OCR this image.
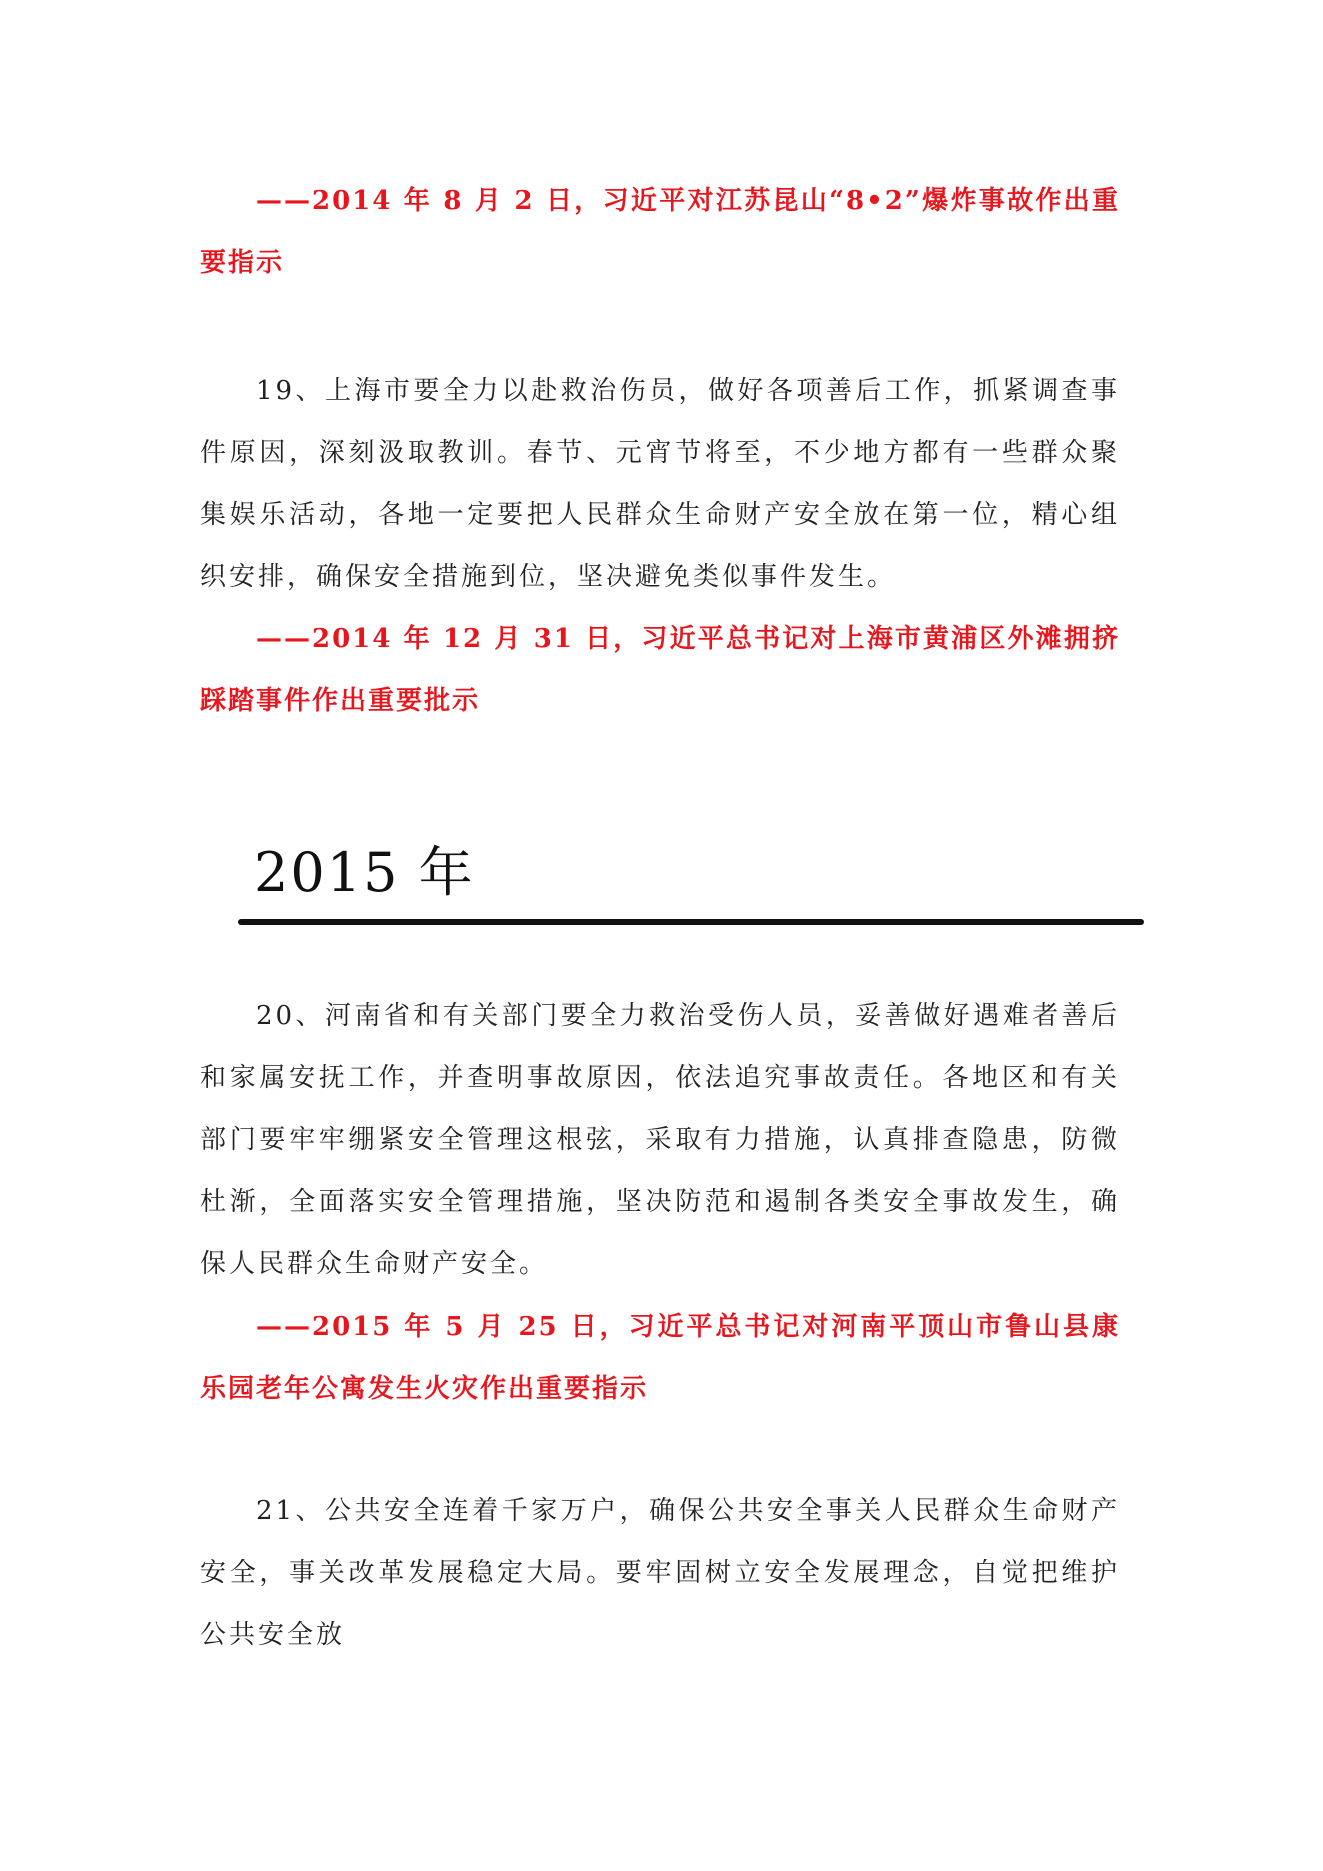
——2014 年 8 月 2 日，习近平对江苏昆山“8•2”爆炸事故作出重要指示

19、上海市要全力以赴救治伤员，做好各项善后工作，抓紧调查事件原因，深刻汲取教训。春节、元宵节将至，不少地方都有一些群众聚集娱乐活动，各地一定要把人民群众生命财产安全放在第一位，精心组织安排，确保安全措施到位，坚决避免类似事件发生。

——2014 年 12 月 31 日，习近平总书记对上海市黄浦区外滩拥挤踩踏事件作出重要批示

2015 年

20、河南省和有关部门要全力救治受伤人员，妥善做好遇难者善后和家属安抚工作，并查明事故原因，依法追究事故责任。各地区和有关部门要牢牢绷紧安全管理这根弦，采取有力措施，认真排查隐患，防微杜渐，全面落实安全管理措施，坚决防范和遏制各类安全事故发生，确保人民群众生命财产安全。

——2015 年 5 月 25 日，习近平总书记对河南平顶山市鲁山县康乐园老年公寓发生火灾作出重要指示

21、公共安全连着千家万户，确保公共安全事关人民群众生命财产安全，事关改革发展稳定大局。要牢固树立安全发展理念，自觉把维护公共安全放
